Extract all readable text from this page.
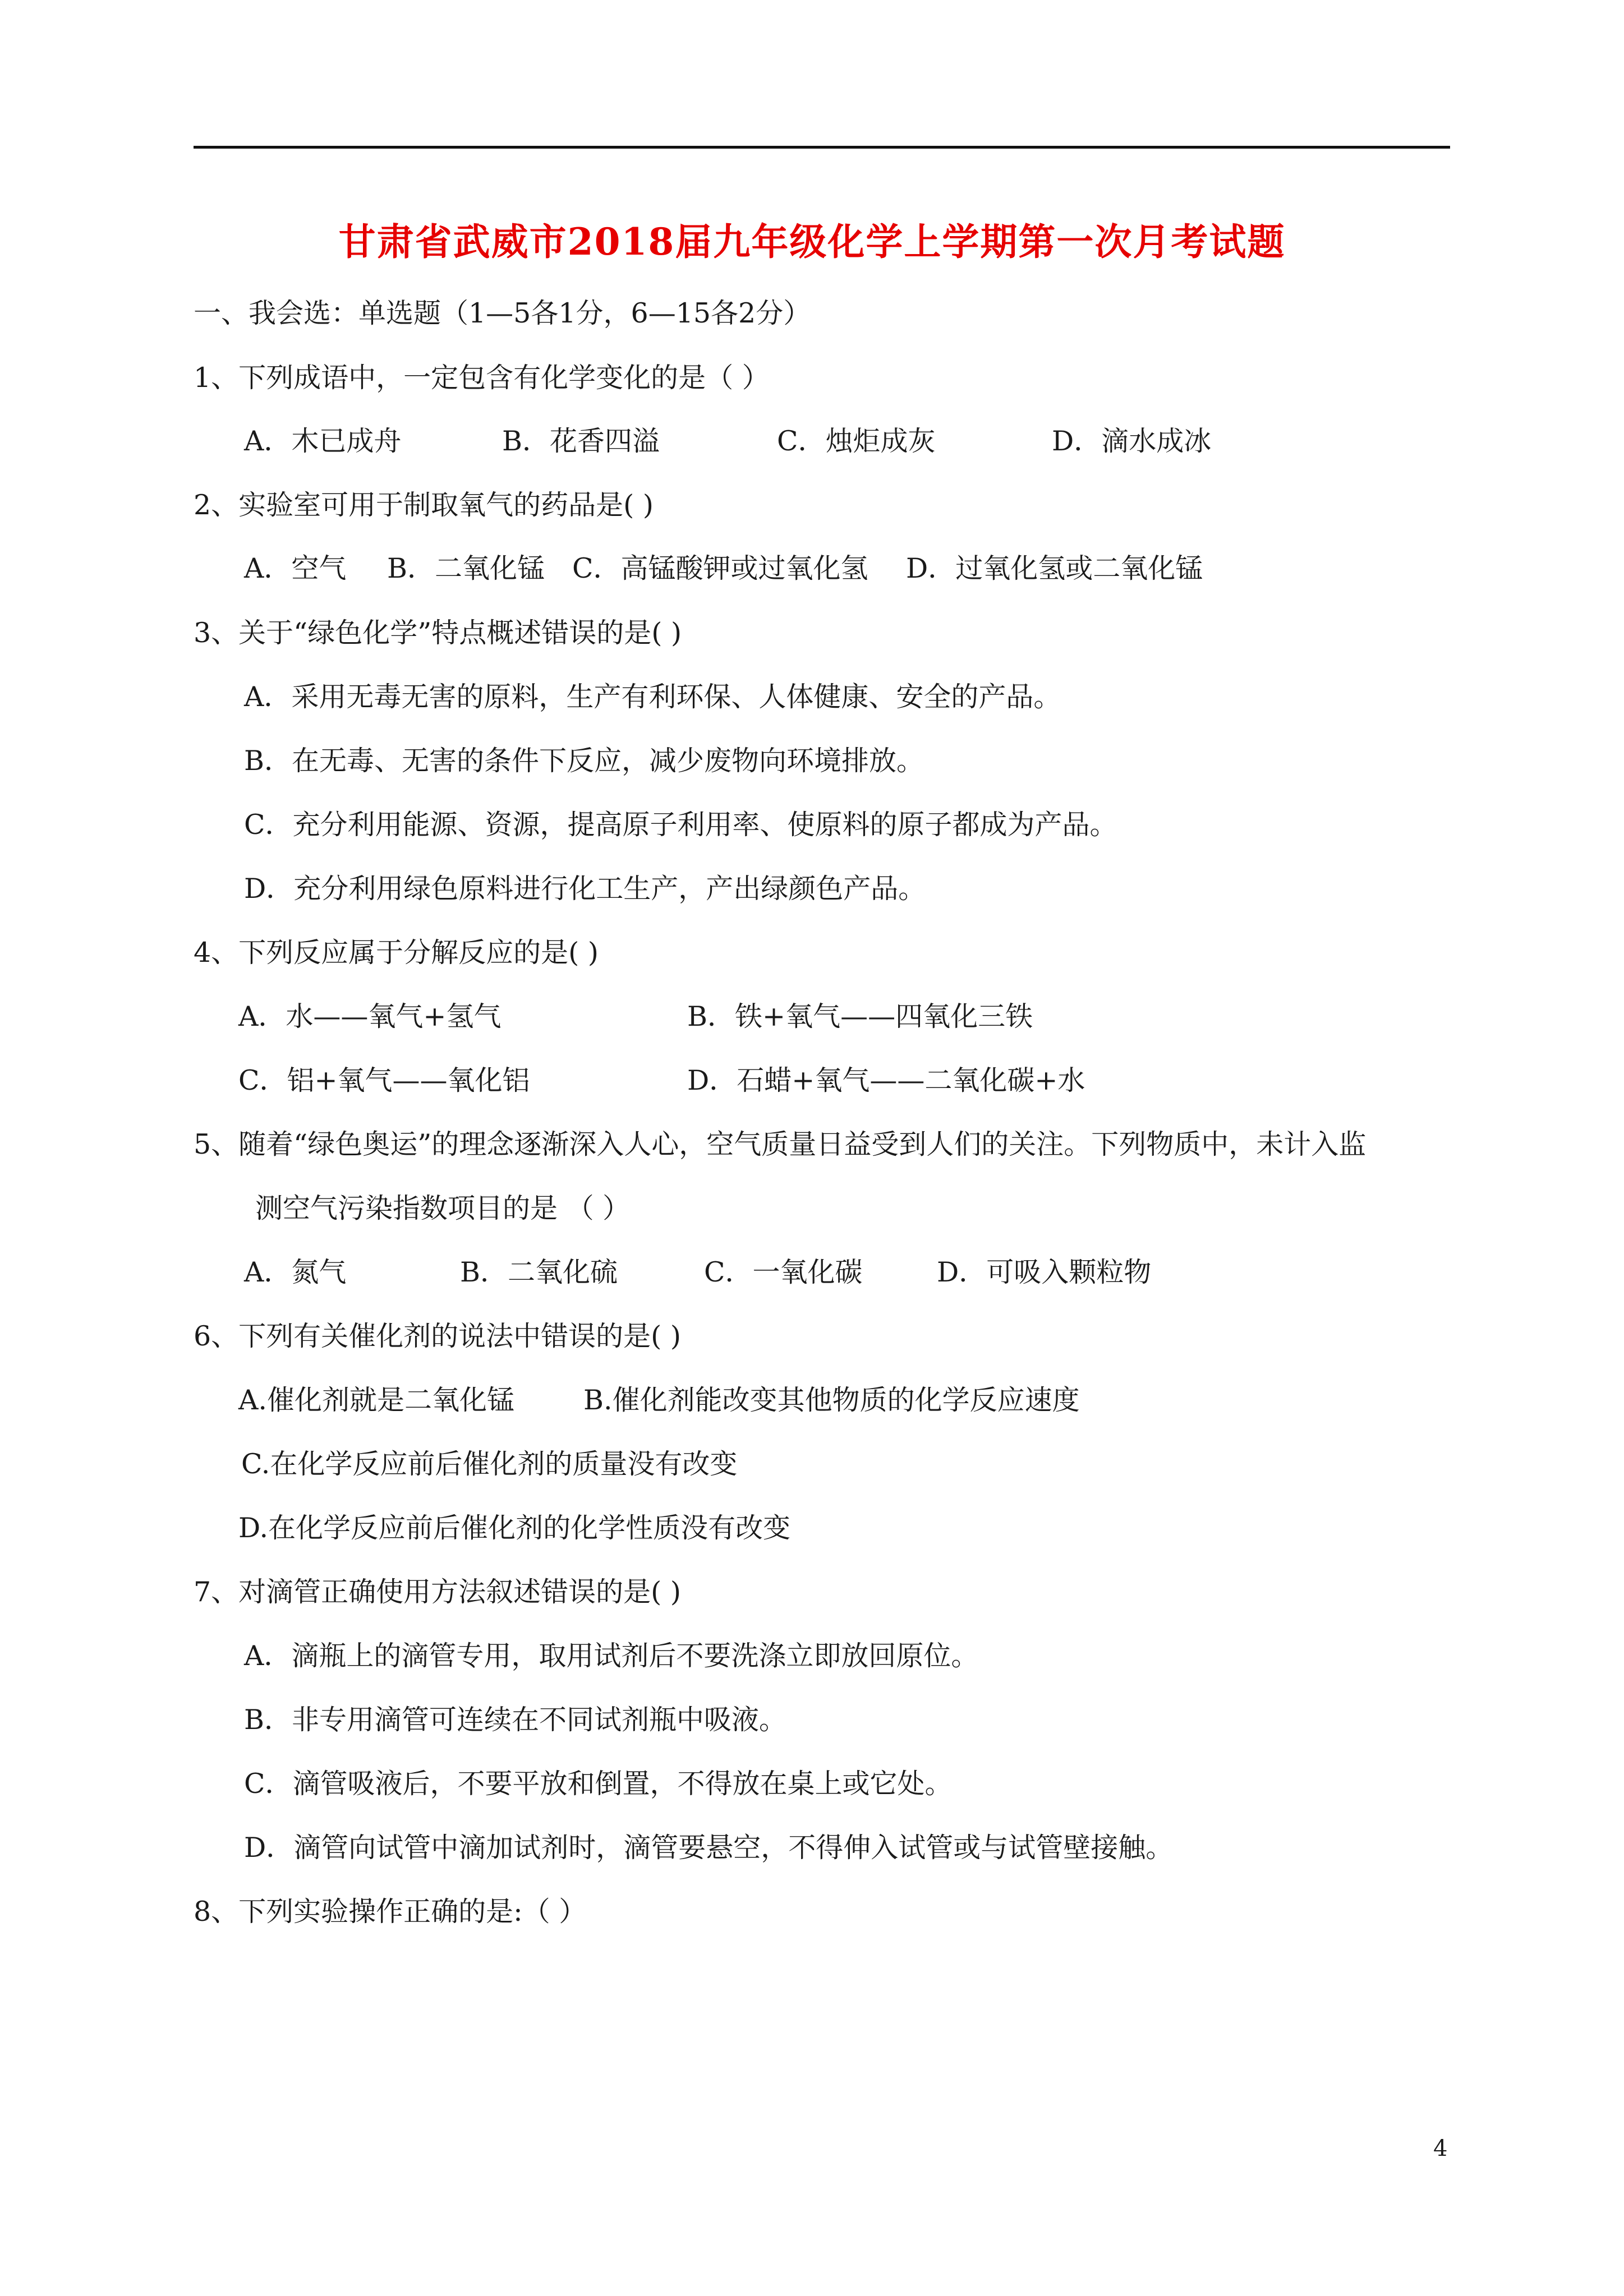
甘肃省武威市2018届九年级化学上学期第一次月考试题
一、我会选：单选题（1—5各1分，6—15各2分）
1、下列成语中，一定包含有化学变化的是（ ）
A．木已成舟	B．花香四溢	C．烛炬成灰	D．滴水成冰
2、实验室可用于制取氧气的药品是( )
A．空气 B．二氧化锰 C．高锰酸钾或过氧化氢 D．过氧化氢或二氧化锰
3、关于“绿色化学”特点概述错误的是( )
A．采用无毒无害的原料，生产有利环保、人体健康、安全的产品。
B．在无毒、无害的条件下反应，减少废物向环境排放。
C．充分利用能源、资源，提高原子利用率、使原料的原子都成为产品。
D．充分利用绿色原料进行化工生产，产出绿颜色产品。
4、下列反应属于分解反应的是( )
A．水——氧气+氢气	B．铁+氧气——四氧化三铁
C．铝+氧气——氧化铝	D．石蜡+氧气——二氧化碳+水
5、随着“绿色奥运”的理念逐渐深入人心，空气质量日益受到人们的关注。下列物质中，未计入监
测空气污染指数项目的是 （ ）
A．氮气	B．二氧化硫	C．一氧化碳	D．可吸入颗粒物
6、下列有关催化剂的说法中错误的是( )
A.催化剂就是二氧化锰	B.催化剂能改变其他物质的化学反应速度
C.在化学反应前后催化剂的质量没有改变
D.在化学反应前后催化剂的化学性质没有改变
7、对滴管正确使用方法叙述错误的是( )
A．滴瓶上的滴管专用，取用试剂后不要洗涤立即放回原位。
B．非专用滴管可连续在不同试剂瓶中吸液。
C．滴管吸液后，不要平放和倒置，不得放在桌上或它处。
D．滴管向试管中滴加试剂时，滴管要悬空，不得伸入试管或与试管壁接触。
8、下列实验操作正确的是:（ ）
4
